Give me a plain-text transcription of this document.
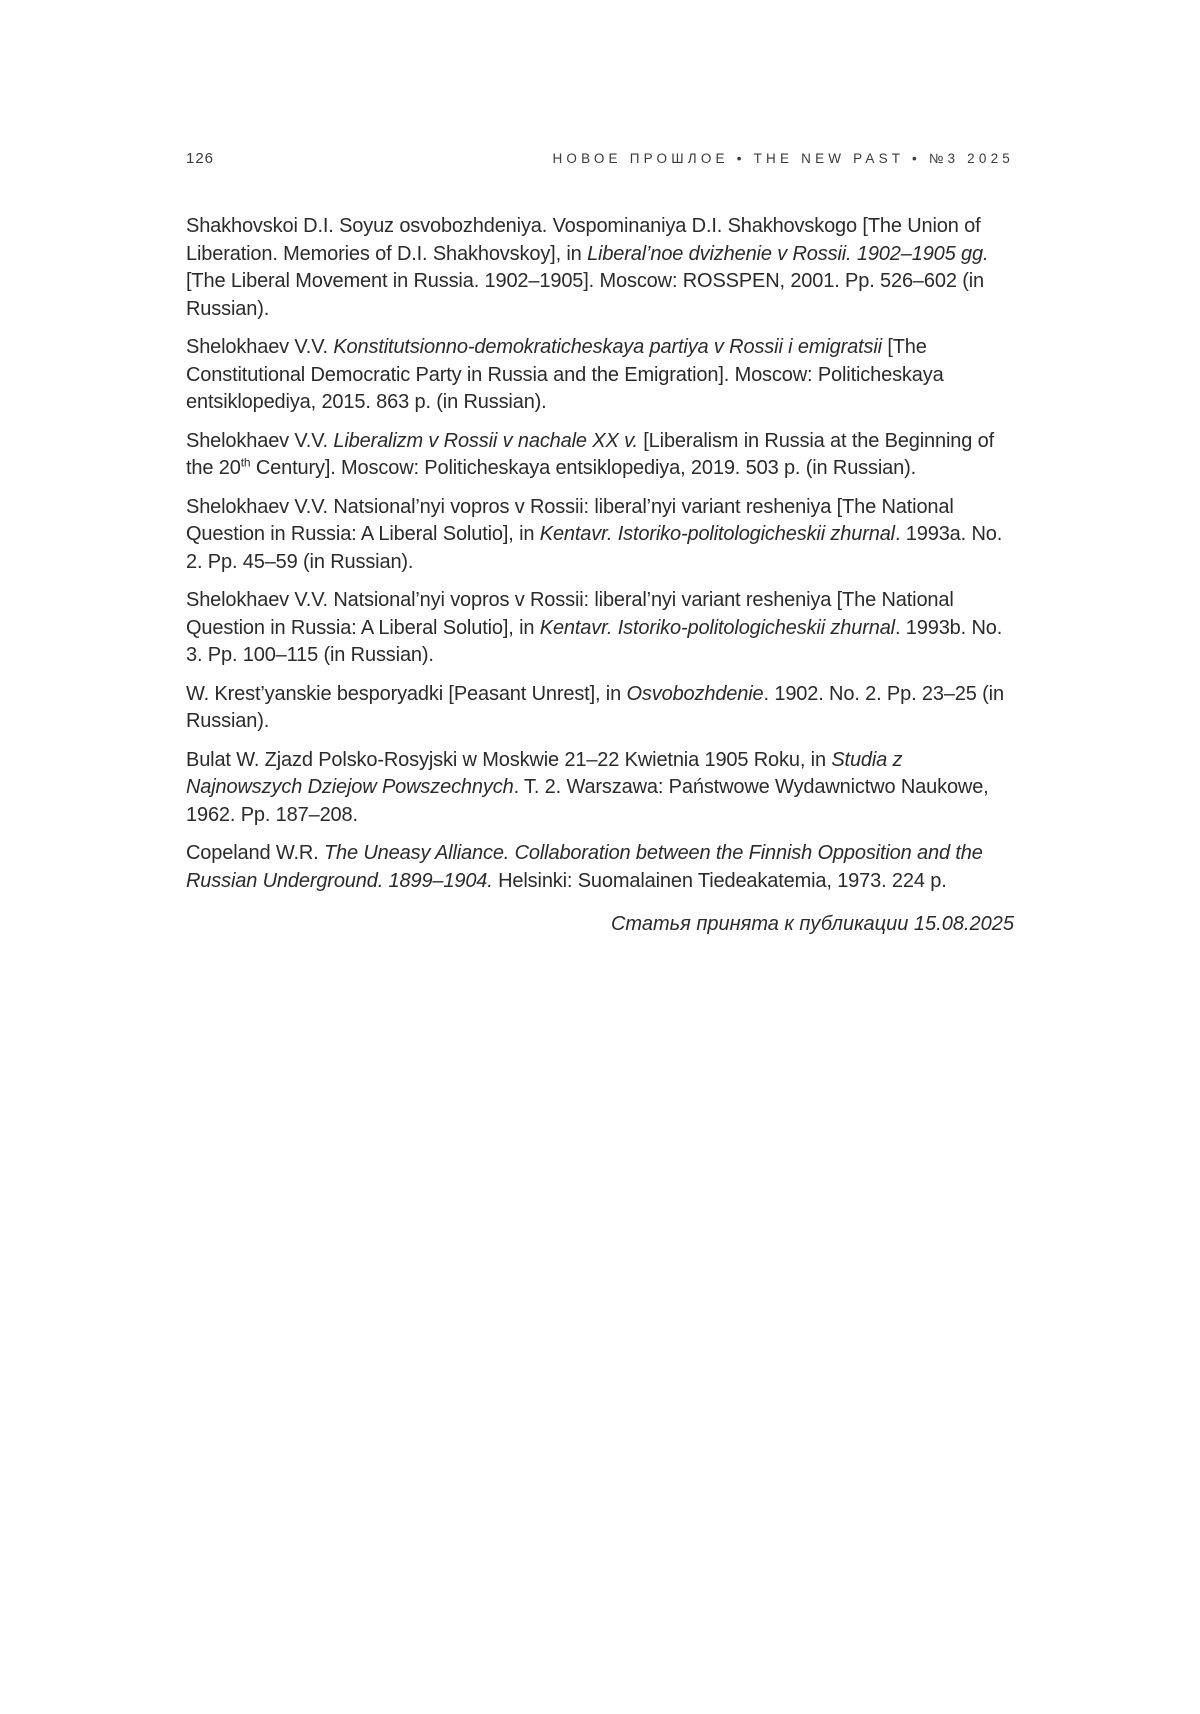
126	НОВОЕ ПРОШЛОЕ • THE NEW PAST • №3 2025

Shakhovskoi D.I. Soyuz osvobozhdeniya. Vospominaniya D.I. Shakhovskogo [The Union of Liberation. Memories of D.I. Shakhovskoy], in Liberal’noe dvizhenie v Rossii. 1902–1905 gg. [The Liberal Movement in Russia. 1902–1905]. Moscow: ROSSPEN, 2001. Pp. 526–602 (in Russian).

Shelokhaev V.V. Konstitutsionno-demokraticheskaya partiya v Rossii i emigratsii [The Constitutional Democratic Party in Russia and the Emigration]. Moscow: Politicheskaya entsiklopediya, 2015. 863 p. (in Russian).

Shelokhaev V.V. Liberalizm v Rossii v nachale XX v. [Liberalism in Russia at the Beginning of the 20th Century]. Moscow: Politicheskaya entsiklopediya, 2019. 503 p. (in Russian).

Shelokhaev V.V. Natsional’nyi vopros v Rossii: liberal’nyi variant resheniya [The National Question in Russia: A Liberal Solutio], in Kentavr. Istoriko-politologicheskii zhurnal. 1993a. No. 2. Pp. 45–59 (in Russian).

Shelokhaev V.V. Natsional’nyi vopros v Rossii: liberal’nyi variant resheniya [The National Question in Russia: A Liberal Solutio], in Kentavr. Istoriko-politologicheskii zhurnal. 1993b. No. 3. Pp. 100–115 (in Russian).

W. Krest’yanskie besporyadki [Peasant Unrest], in Osvobozhdenie. 1902. No. 2. Pp. 23–25 (in Russian).

Bulat W. Zjazd Polsko-Rosyjski w Moskwie 21–22 Kwietnia 1905 Roku, in Studia z Najnowszych Dziejow Powszechnych. T. 2. Warszawa: Państwowe Wydawnictwo Naukowe, 1962. Pp. 187–208.

Copeland W.R. The Uneasy Alliance. Collaboration between the Finnish Opposition and the Russian Underground. 1899–1904. Helsinki: Suomalainen Tiedeakatemia, 1973. 224 p.

Статья принята к публикации 15.08.2025
